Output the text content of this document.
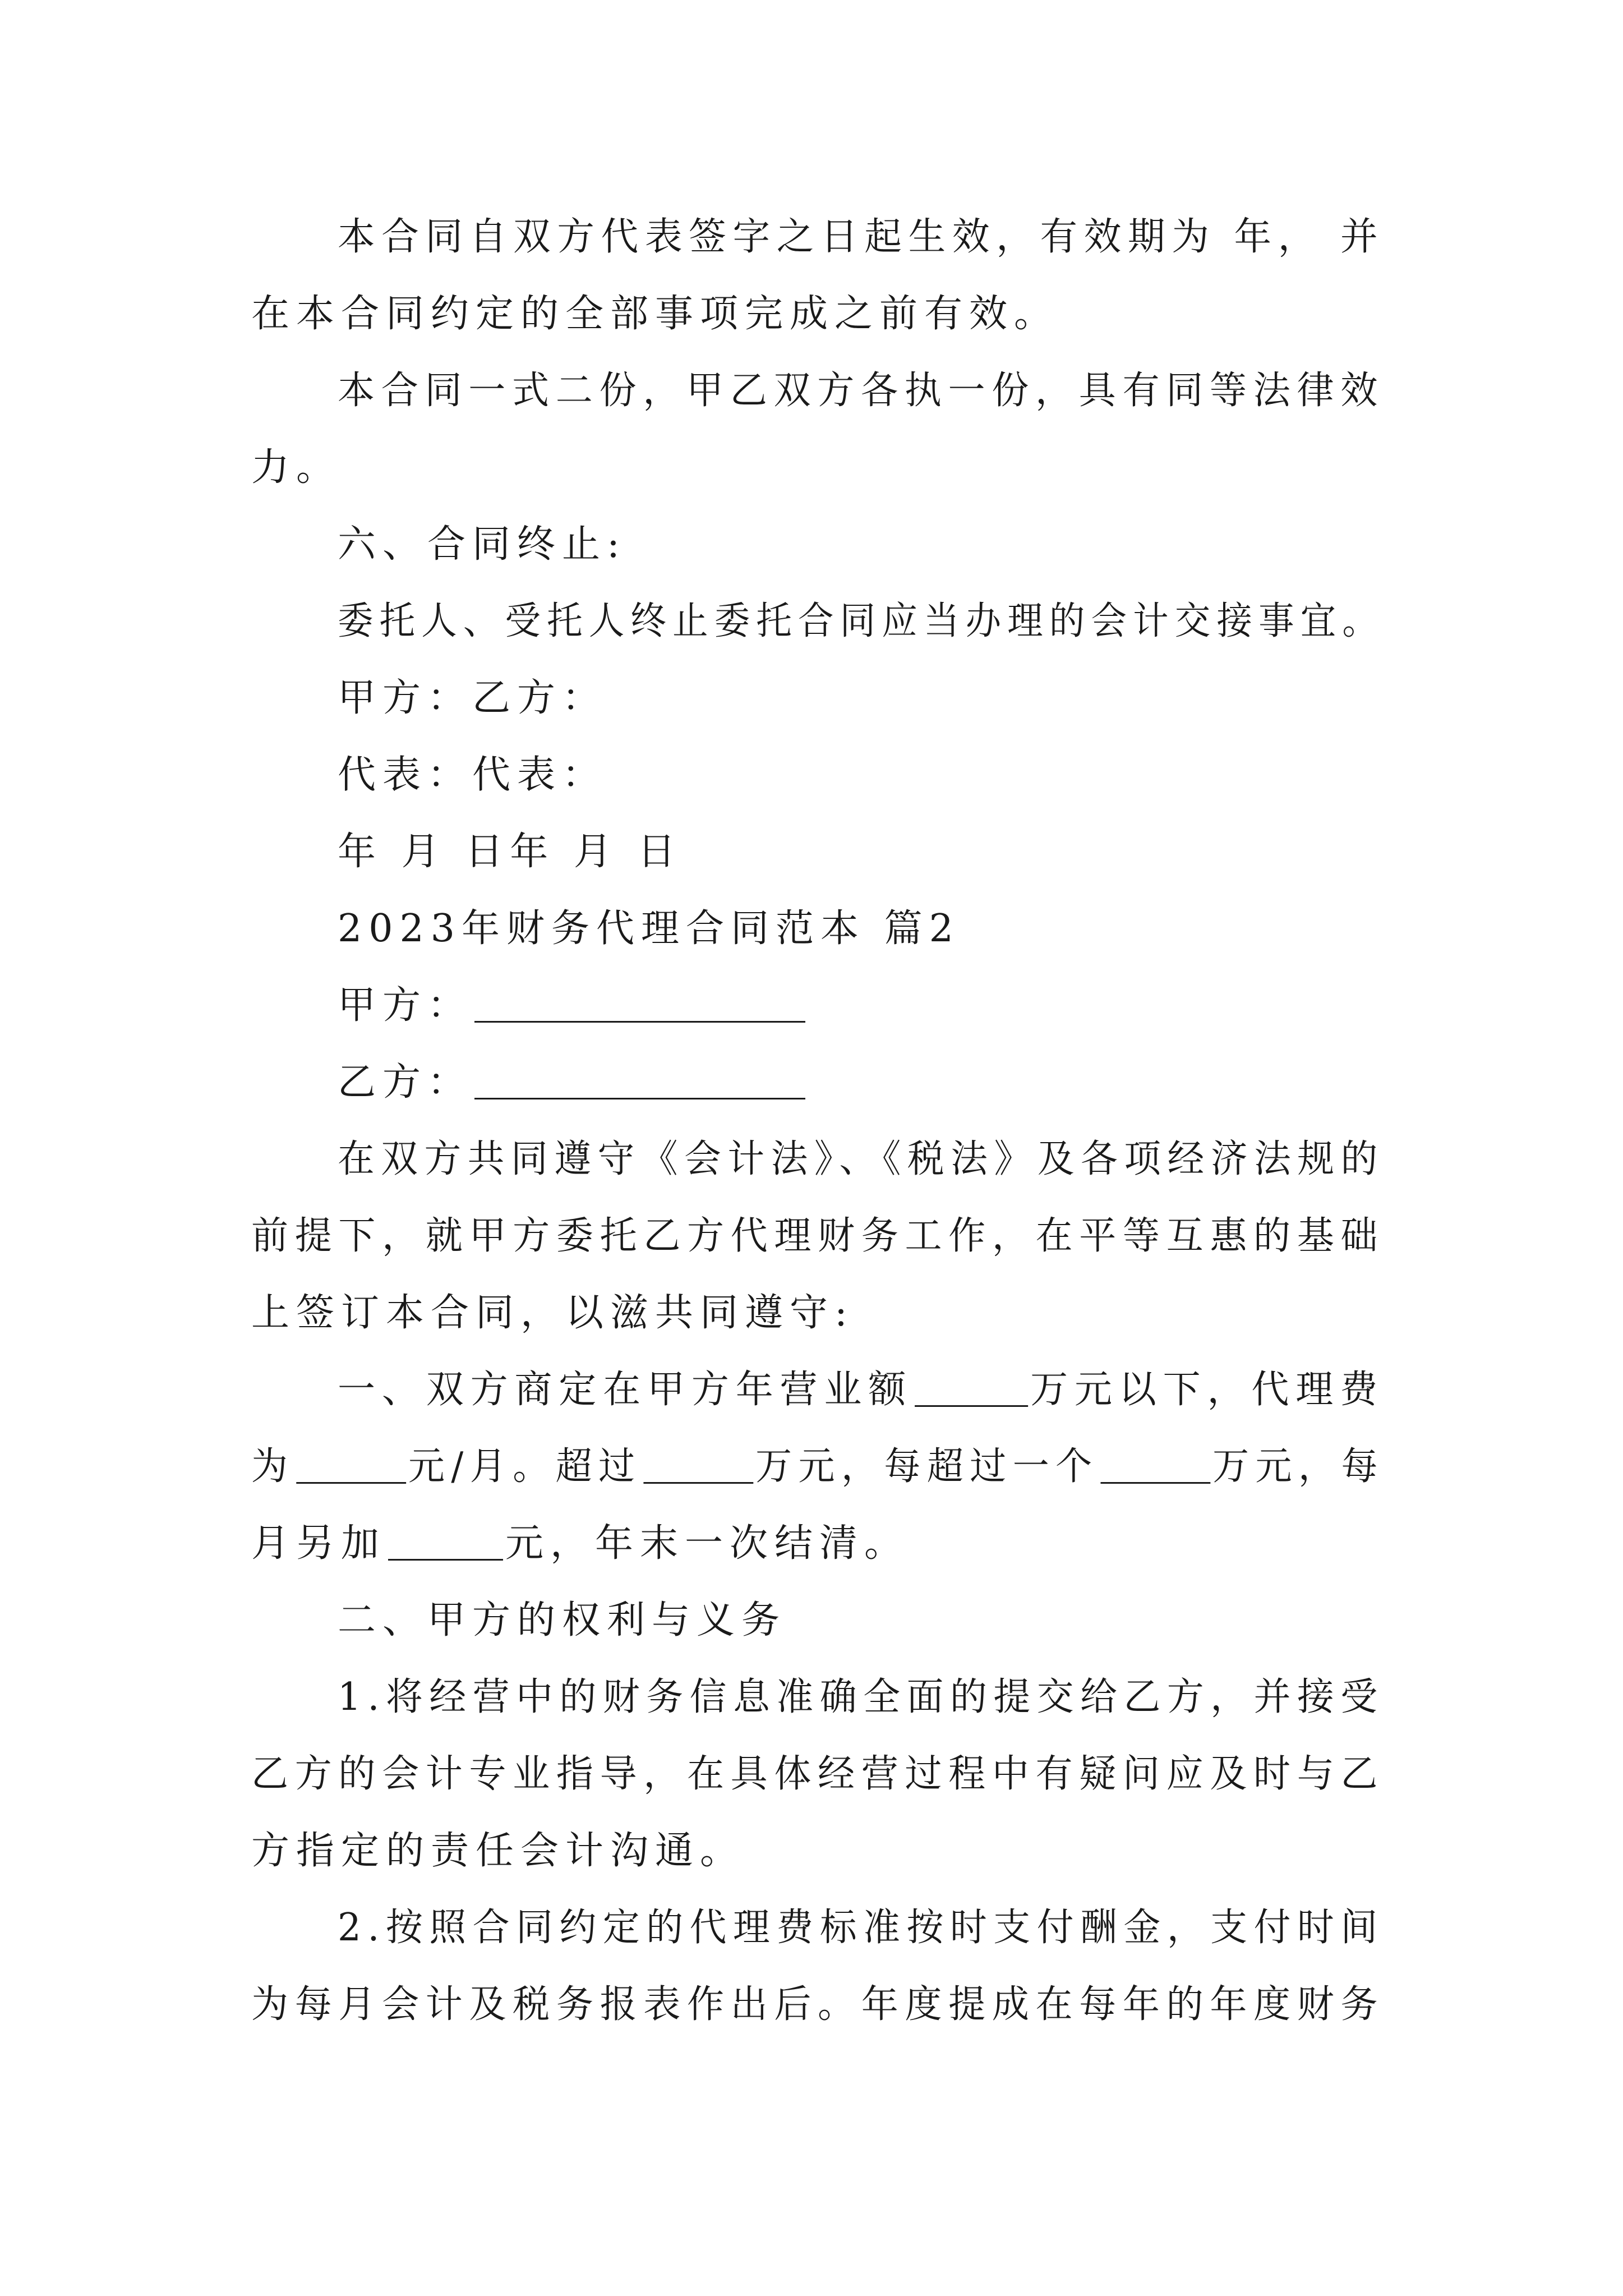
本合同自双方代表签字之日起生效，有效期为 年， 并
在本合同约定的全部事项完成之前有效。
本合同一式二份，甲乙双方各执一份，具有同等法律效
力。
六、合同终止:
委托人、受托人终止委托合同应当办理的会计交接事宜。
甲方：乙方：
代表：代表：
年 月 日年 月 日
2023年财务代理合同范本 篇2
甲方：
乙方：
在双方共同遵守《会计法》、《税法》及各项经济法规的
前提下，就甲方委托乙方代理财务工作，在平等互惠的基础
上签订本合同，以滋共同遵守:
一、双方商定在甲方年营业额	万元以下，代理费
为	元/月。超过	万元，每超过一个	万元，每
月另加	元，年末一次结清。
二、甲方的权利与义务
1.将经营中的财务信息准确全面的提交给乙方，并接受
乙方的会计专业指导，在具体经营过程中有疑问应及时与乙
方指定的责任会计沟通。
2.按照合同约定的代理费标准按时支付酬金，支付时间
为每月会计及税务报表作出后。年度提成在每年的年度财务
